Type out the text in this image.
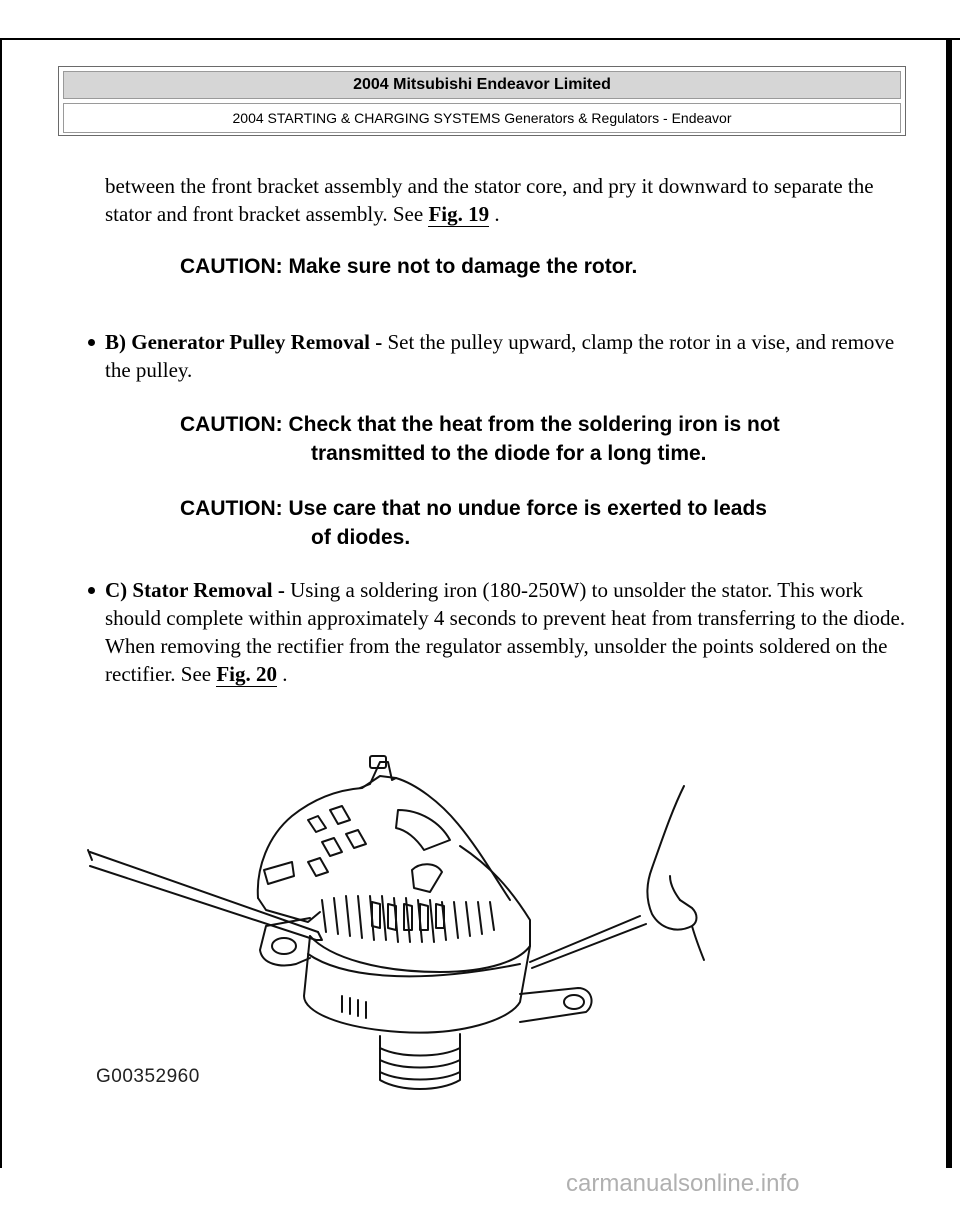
2004 Mitsubishi Endeavor Limited
2004 STARTING & CHARGING SYSTEMS Generators & Regulators - Endeavor
between the front bracket assembly and the stator core, and pry it downward to separate the stator and front bracket assembly. See Fig. 19 .
CAUTION: Make sure not to damage the rotor.
B) Generator Pulley Removal - Set the pulley upward, clamp the rotor in a vise, and remove the pulley.
CAUTION: Check that the heat from the soldering iron is not
transmitted to the diode for a long time.
CAUTION: Use care that no undue force is exerted to leads
of diodes.
C) Stator Removal - Using a soldering iron (180-250W) to unsolder the stator. This work should complete within approximately 4 seconds to prevent heat from transferring to the diode. When removing the rectifier from the regulator assembly, unsolder the points soldered on the rectifier. See Fig. 20 .
G00352960
carmanualsonline.info
